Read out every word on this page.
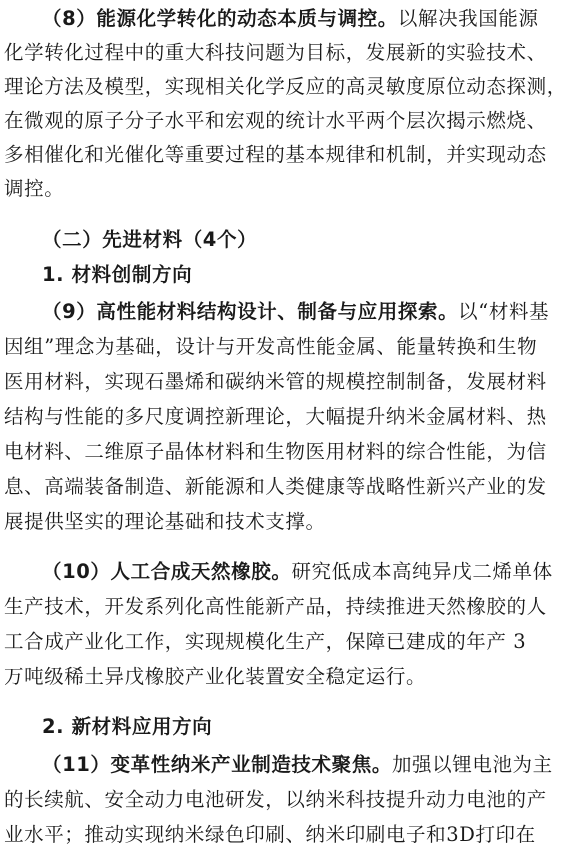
（8）能源化学转化的动态本质与调控。以解决我国能源
化学转化过程中的重大科技问题为目标，发展新的实验技术、
理论方法及模型，实现相关化学反应的高灵敏度原位动态探测，
在微观的原子分子水平和宏观的统计水平两个层次揭示燃烧、
多相催化和光催化等重要过程的基本规律和机制，并实现动态
调控。
（二）先进材料（4个）
1. 材料创制方向
（9）高性能材料结构设计、制备与应用探索。以“材料基
因组”理念为基础，设计与开发高性能金属、能量转换和生物
医用材料，实现石墨烯和碳纳米管的规模控制制备，发展材料
结构与性能的多尺度调控新理论，大幅提升纳米金属材料、热
电材料、二维原子晶体材料和生物医用材料的综合性能，为信
息、高端装备制造、新能源和人类健康等战略性新兴产业的发
展提供坚实的理论基础和技术支撑。
（10）人工合成天然橡胶。研究低成本高纯异戊二烯单体
生产技术，开发系列化高性能新产品，持续推进天然橡胶的人
工合成产业化工作，实现规模化生产，保障已建成的年产 3
万吨级稀土异戊橡胶产业化装置安全稳定运行。
2. 新材料应用方向
（11）变革性纳米产业制造技术聚焦。加强以锂电池为主
的长续航、安全动力电池研发，以纳米科技提升动力电池的产
业水平；推动实现纳米绿色印刷、纳米印刷电子和3D打印在
